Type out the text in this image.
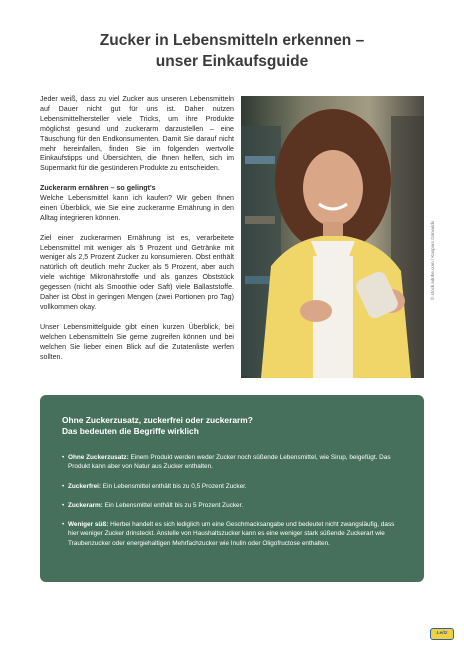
Zucker in Lebensmitteln erkennen –
unser Einkaufsguide

Jeder weiß, dass zu viel Zucker aus unseren Lebensmitteln auf Dauer nicht gut für uns ist. Daher nutzen Lebensmittelhersteller viele Tricks, um ihre Produkte möglichst gesund und zuckerarm darzustellen – eine Täuschung für den Endkonsumenten. Damit Sie darauf nicht mehr hereinfallen, finden Sie im folgenden wertvolle Einkaufstipps und Übersichten, die Ihnen helfen, sich im Supermarkt für die gesünderen Produkte zu entscheiden.

Zuckerarm ernähren – so gelingt's

Welche Lebensmittel kann ich kaufen? Wir geben Ihnen einen Überblick, wie Sie eine zuckerarme Ernährung in den Alltag integrieren können.

Ziel einer zuckerarmen Ernährung ist es, verarbeitete Lebensmittel mit weniger als 5 Prozent und Getränke mit weniger als 2,5 Prozent Zucker zu konsumieren. Obst enthält natürlich oft deutlich mehr Zucker als 5 Prozent, aber auch viele wichtige Mikronährstoffe und als ganzes Obststück gegessen (nicht als Smoothie oder Saft) viele Ballaststoffe. Daher ist Obst in geringen Mengen (zwei Portionen pro Tag) vollkommen okay.

Unser Lebensmittelguide gibt einen kurzen Überblick, bei welchen Lebensmitteln Sie gerne zugreifen können und bei welchen Sie lieber einen Blick auf die Zutatenliste werfen sollten.

© stock.adobe.com / Kaspars Grinvalds
Ohne Zuckerzusatz, zuckerfrei oder zuckerarm?
Das bedeuten die Begriffe wirklich
• Ohne Zuckerzusatz: Einem Produkt werden weder Zucker noch süßende Lebensmittel, wie Sirup, beigefügt. Das Produkt kann aber von Natur aus Zucker enthalten.
• Zuckerfrei: Ein Lebensmittel enthält bis zu 0,5 Prozent Zucker.
• Zuckerarm: Ein Lebensmittel enthält bis zu 5 Prozent Zucker.
• Weniger süß: Hierbei handelt es sich lediglich um eine Geschmacksangabe und bedeutet nicht zwangsläufig, dass hier weniger Zucker drinsteckt. Anstelle von Haushaltszucker kann es eine weniger stark süßende Zuckerart wie Traubenzucker oder energiehaltigen Mehrfachzucker wie Inulin oder Oligofructose enthalten.
Leitz
